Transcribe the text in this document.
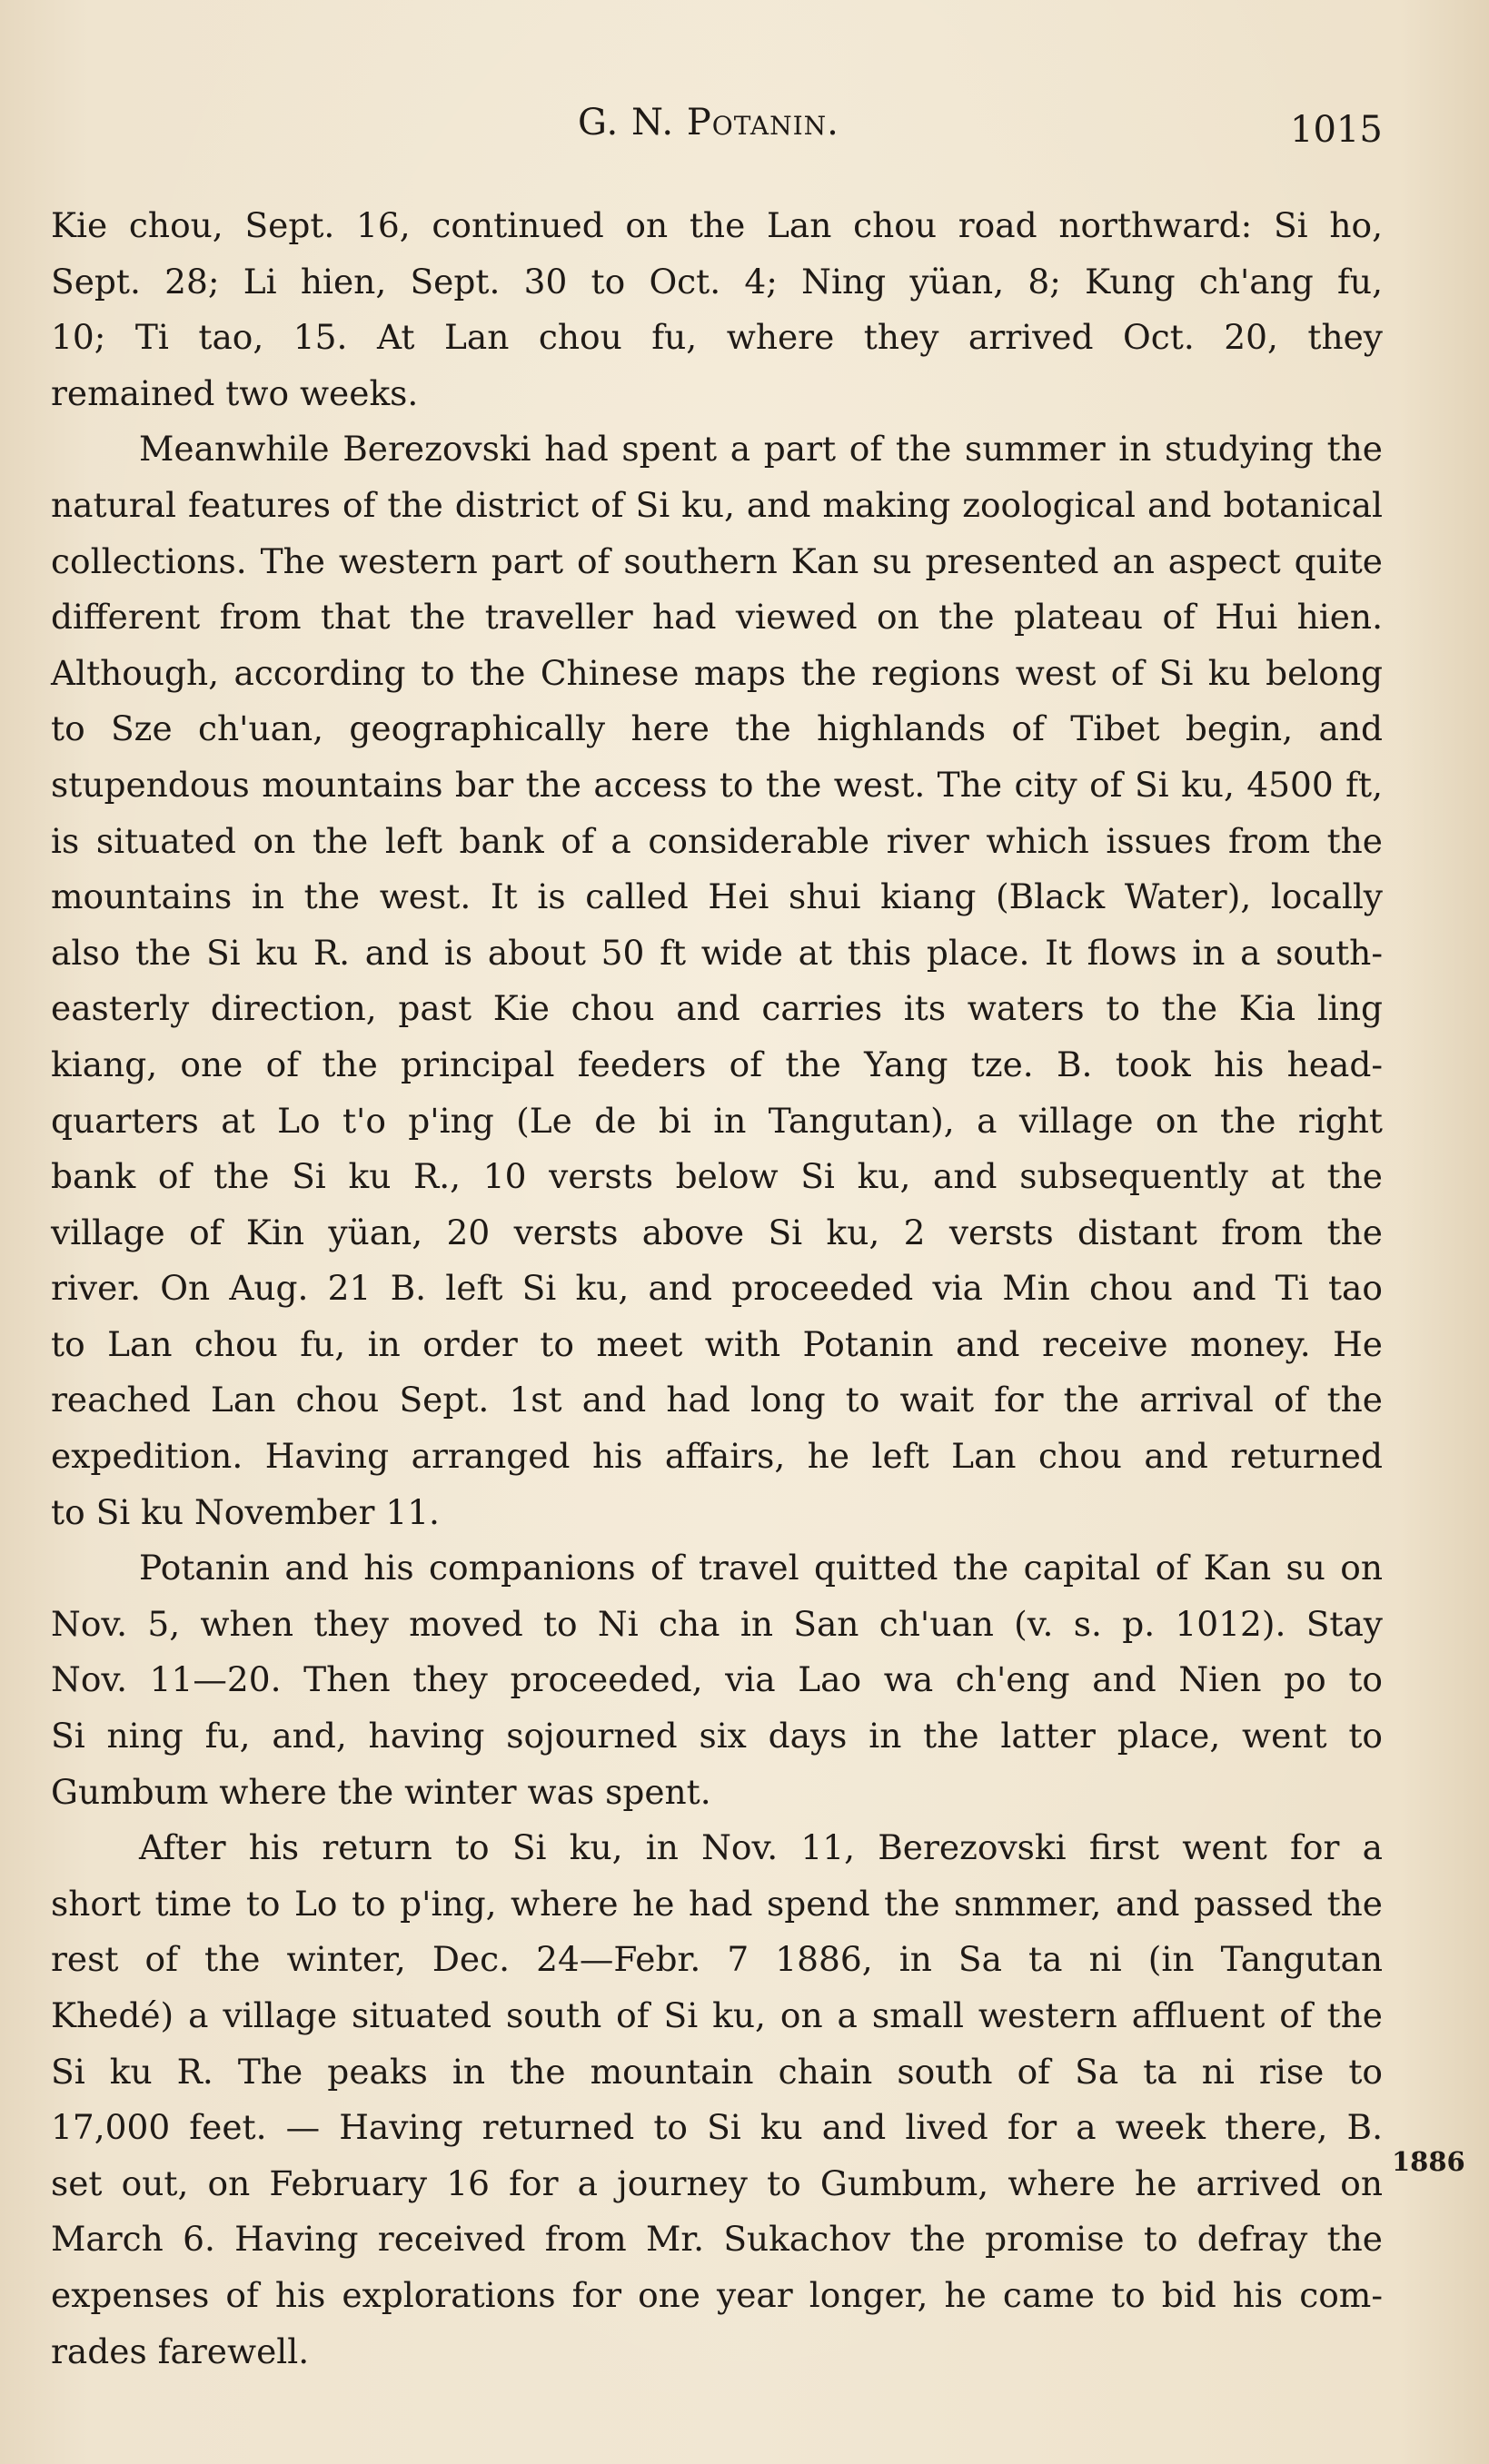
G. N. Potanin.	1015
Kie chou, Sept. 16, continued on the Lan chou road northward: Si ho,
Sept. 28; Li hien, Sept. 30 to Oct. 4; Ning yüan, 8; Kung ch'ang fu,
10; Ti tao, 15. At Lan chou fu, where they arrived Oct. 20, they
remained two weeks.
Meanwhile Berezovski had spent a part of the summer in studying the
natural features of the district of Si ku, and making zoological and botanical
collections. The western part of southern Kan su presented an aspect quite
different from that the traveller had viewed on the plateau of Hui hien.
Although, according to the Chinese maps the regions west of Si ku belong
to Sze ch'uan, geographically here the highlands of Tibet begin, and
stupendous mountains bar the access to the west. The city of Si ku, 4500 ft,
is situated on the left bank of a considerable river which issues from the
mountains in the west. It is called Hei shui kiang (Black Water), locally
also the Si ku R. and is about 50 ft wide at this place. It flows in a south-
easterly direction, past Kie chou and carries its waters to the Kia ling
kiang, one of the principal feeders of the Yang tze. B. took his head-
quarters at Lo t'o p'ing (Le de bi in Tangutan), a village on the right
bank of the Si ku R., 10 versts below Si ku, and subsequently at the
village of Kin yüan, 20 versts above Si ku, 2 versts distant from the
river. On Aug. 21 B. left Si ku, and proceeded via Min chou and Ti tao
to Lan chou fu, in order to meet with Potanin and receive money. He
reached Lan chou Sept. 1st and had long to wait for the arrival of the
expedition. Having arranged his affairs, he left Lan chou and returned
to Si ku November 11.
Potanin and his companions of travel quitted the capital of Kan su on
Nov. 5, when they moved to Ni cha in San ch'uan (v. s. p. 1012). Stay
Nov. 11—20. Then they proceeded, via Lao wa ch'eng and Nien po to
Si ning fu, and, having sojourned six days in the latter place, went to
Gumbum where the winter was spent.
After his return to Si ku, in Nov. 11, Berezovski first went for a
short time to Lo to p'ing, where he had spend the snmmer, and passed the
rest of the winter, Dec. 24—Febr. 7 1886, in Sa ta ni (in Tangutan
Khedé) a village situated south of Si ku, on a small western affluent of the
Si ku R. The peaks in the mountain chain south of Sa ta ni rise to
17,000 feet. — Having returned to Si ku and lived for a week there, B.
set out, on February 16 for a journey to Gumbum, where he arrived on
March 6. Having received from Mr. Sukachov the promise to defray the
expenses of his explorations for one year longer, he came to bid his com-
rades farewell.
1886
